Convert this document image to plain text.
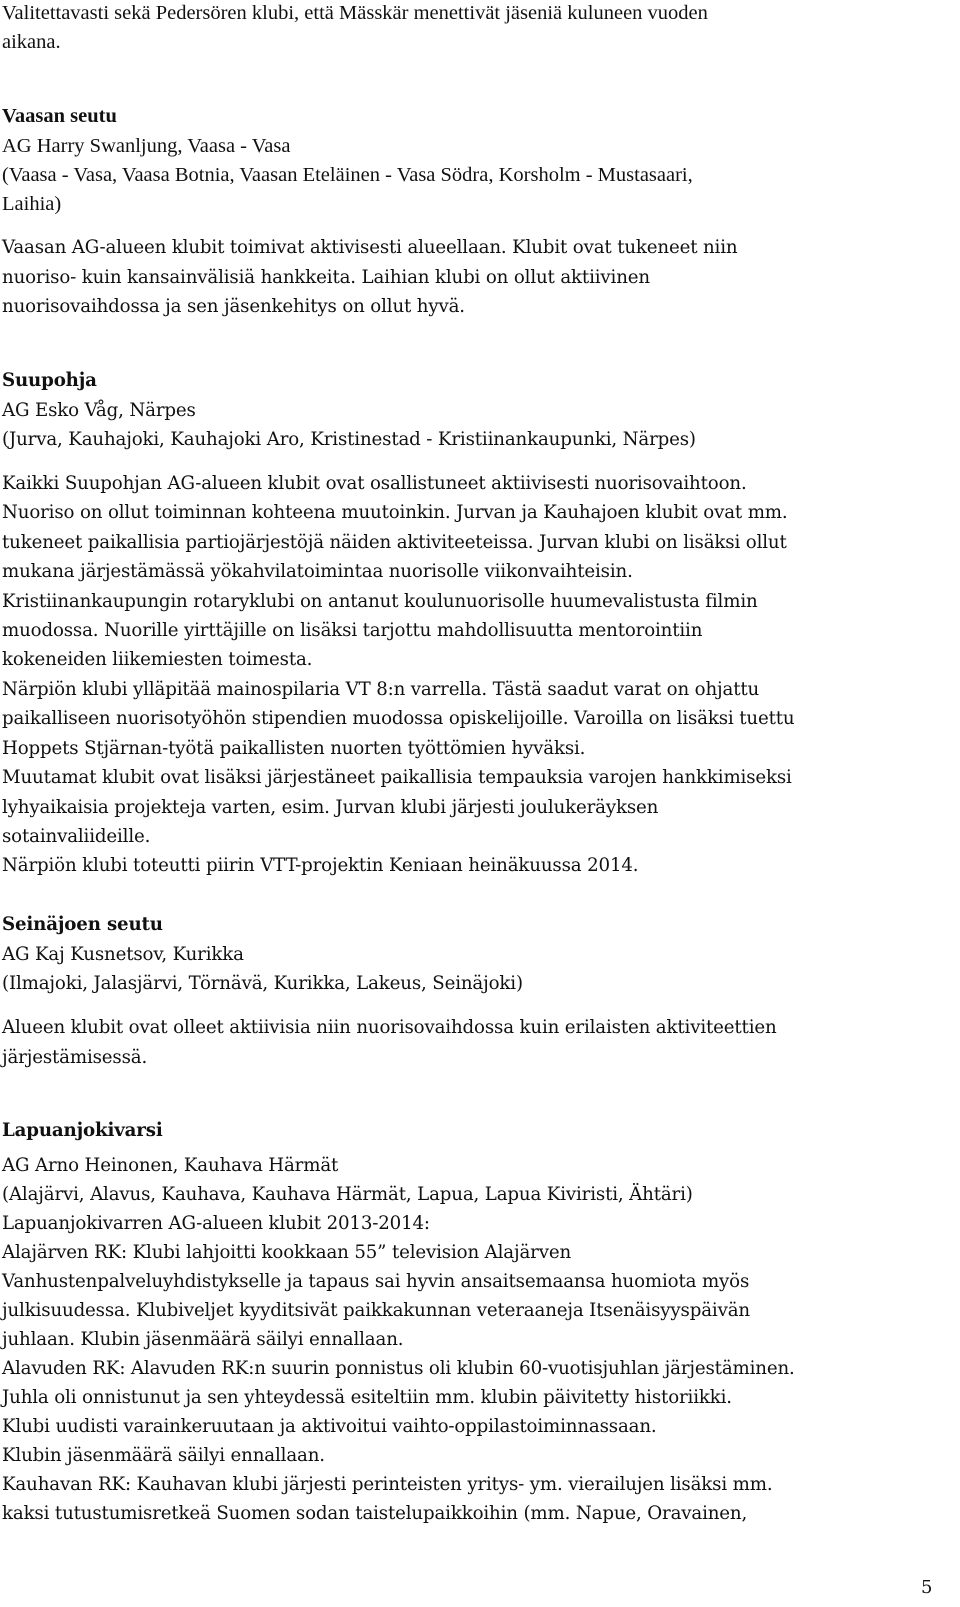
Valitettavasti sekä Pedersören klubi, että Mässkär menettivät jäseniä kuluneen vuoden

aikana.

Vaasan seutu

AG Harry Swanljung, Vaasa - Vasa

(Vaasa - Vasa, Vaasa Botnia, Vaasan Eteläinen - Vasa Södra, Korsholm - Mustasaari,

Laihia)

Vaasan AG-alueen klubit toimivat aktivisesti alueellaan. Klubit ovat tukeneet niin

nuoriso- kuin kansainvälisiä hankkeita. Laihian klubi on ollut aktiivinen

nuorisovaihdossa ja sen jäsenkehitys on ollut hyvä.

Suupohja

AG Esko Våg, Närpes

(Jurva, Kauhajoki, Kauhajoki Aro, Kristinestad - Kristiinankaupunki, Närpes)

Kaikki Suupohjan AG-alueen klubit ovat osallistuneet aktiivisesti nuorisovaihtoon.

Nuoriso on ollut toiminnan kohteena muutoinkin. Jurvan ja Kauhajoen klubit ovat mm.

tukeneet paikallisia partiojärjestöjä näiden aktiviteeteissa. Jurvan klubi on lisäksi ollut

mukana järjestämässä yökahvilatoimintaa nuorisolle viikonvaihteisin.

Kristiinankaupungin rotaryklubi on antanut koulunuorisolle huumevalistusta filmin

muodossa. Nuorille yirttäjille on lisäksi tarjottu mahdollisuutta mentorointiin

kokeneiden liikemiesten toimesta.

Närpiön klubi ylläpitää mainospilaria VT 8:n varrella. Tästä saadut varat on ohjattu

paikalliseen nuorisotyöhön stipendien muodossa opiskelijoille. Varoilla on lisäksi tuettu

Hoppets Stjärnan-työtä paikallisten nuorten työttömien hyväksi.

Muutamat klubit ovat lisäksi järjestäneet paikallisia tempauksia varojen hankkimiseksi

lyhyaikaisia projekteja varten, esim. Jurvan klubi järjesti joulukeräyksen

sotainvaliideille.

Närpiön klubi toteutti piirin VTT-projektin Keniaan heinäkuussa 2014.

Seinäjoen seutu

AG Kaj Kusnetsov, Kurikka

(Ilmajoki, Jalasjärvi, Törnävä, Kurikka, Lakeus, Seinäjoki)

Alueen klubit ovat olleet aktiivisia niin nuorisovaihdossa kuin erilaisten aktiviteettien

järjestämisessä.

Lapuanjokivarsi

AG Arno Heinonen, Kauhava Härmät

(Alajärvi, Alavus, Kauhava, Kauhava Härmät, Lapua, Lapua Kiviristi, Ähtäri)

Lapuanjokivarren AG-alueen klubit 2013-2014:

Alajärven RK: Klubi lahjoitti kookkaan 55” television Alajärven

Vanhustenpalveluyhdistykselle ja tapaus sai hyvin ansaitsemaansa huomiota myös

julkisuudessa. Klubiveljet kyyditsivät paikkakunnan veteraaneja Itsenäisyyspäivän

juhlaan. Klubin jäsenmäärä säilyi ennallaan.

Alavuden RK: Alavuden RK:n suurin ponnistus oli klubin 60-vuotisjuhlan järjestäminen.

Juhla oli onnistunut ja sen yhteydessä esiteltiin mm. klubin päivitetty historiikki.

Klubi uudisti varainkeruutaan ja aktivoitui vaihto-oppilastoiminnassaan.

Klubin jäsenmäärä säilyi ennallaan.

Kauhavan RK: Kauhavan klubi järjesti perinteisten yritys- ym. vierailujen lisäksi mm.

kaksi tutustumisretkeä Suomen sodan taistelupaikkoihin (mm. Napue, Oravainen,

5
